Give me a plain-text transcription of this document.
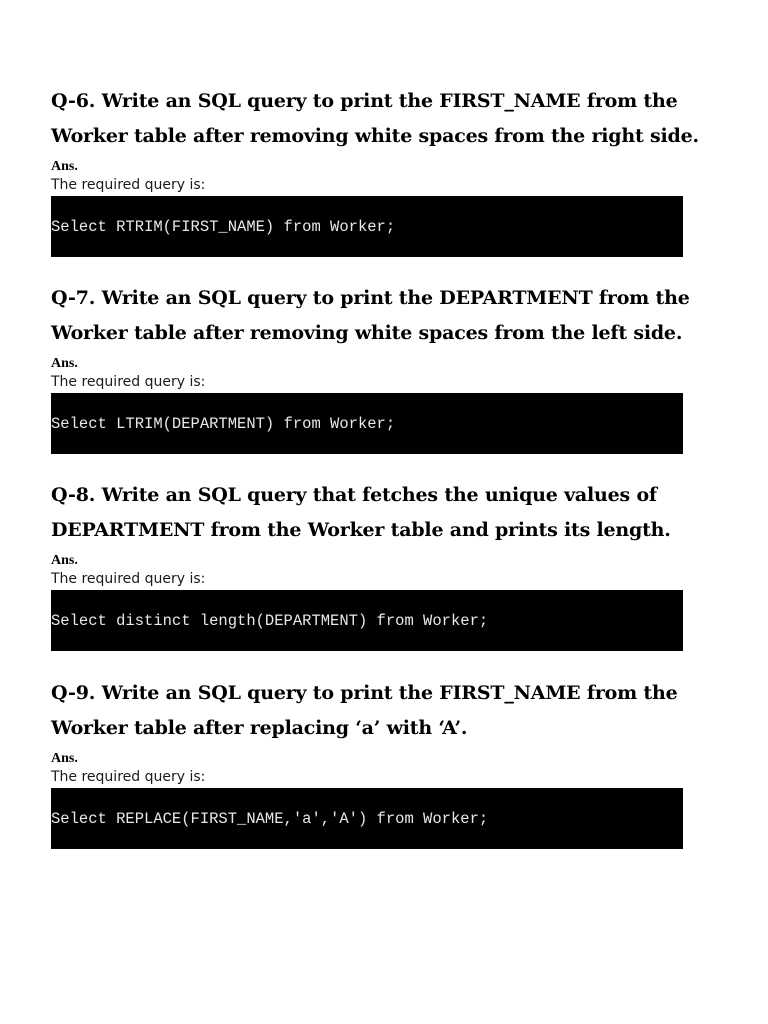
Q-6. Write an SQL query to print the FIRST_NAME from the
Worker table after removing white spaces from the right side.

Ans.
The required query is:
Select RTRIM(FIRST_NAME) from Worker;

Q-7. Write an SQL query to print the DEPARTMENT from the
Worker table after removing white spaces from the left side.

Ans.
The required query is:
Select LTRIM(DEPARTMENT) from Worker;

Q-8. Write an SQL query that fetches the unique values of
DEPARTMENT from the Worker table and prints its length.

Ans.
The required query is:
Select distinct length(DEPARTMENT) from Worker;

Q-9. Write an SQL query to print the FIRST_NAME from the
Worker table after replacing ‘a’ with ‘A’.

Ans.
The required query is:
Select REPLACE(FIRST_NAME,'a','A') from Worker;
